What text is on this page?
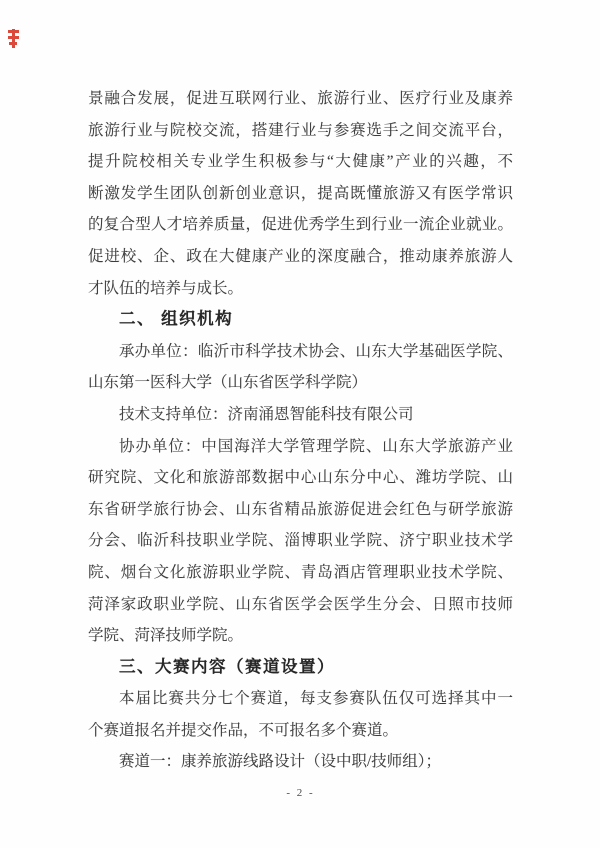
景融合发展，促进互联网行业、旅游行业、医疗行业及康养
旅游行业与院校交流，搭建行业与参赛选手之间交流平台，
提升院校相关专业学生积极参与“大健康”产业的兴趣，不
断激发学生团队创新创业意识，提高既懂旅游又有医学常识
的复合型人才培养质量，促进优秀学生到行业一流企业就业。
促进校、企、政在大健康产业的深度融合，推动康养旅游人
才队伍的培养与成长。
二、 组织机构
承办单位：临沂市科学技术协会、山东大学基础医学院、
山东第一医科大学（山东省医学科学院）
技术支持单位：济南涌恩智能科技有限公司
协办单位：中国海洋大学管理学院、山东大学旅游产业
研究院、文化和旅游部数据中心山东分中心、潍坊学院、山
东省研学旅行协会、山东省精品旅游促进会红色与研学旅游
分会、临沂科技职业学院、淄博职业学院、济宁职业技术学
院、烟台文化旅游职业学院、青岛酒店管理职业技术学院、
菏泽家政职业学院、山东省医学会医学生分会、日照市技师
学院、菏泽技师学院。
三、大赛内容（赛道设置）
本届比赛共分七个赛道，每支参赛队伍仅可选择其中一
个赛道报名并提交作品，不可报名多个赛道。
赛道一：康养旅游线路设计（设中职/技师组）；
- 2 -
